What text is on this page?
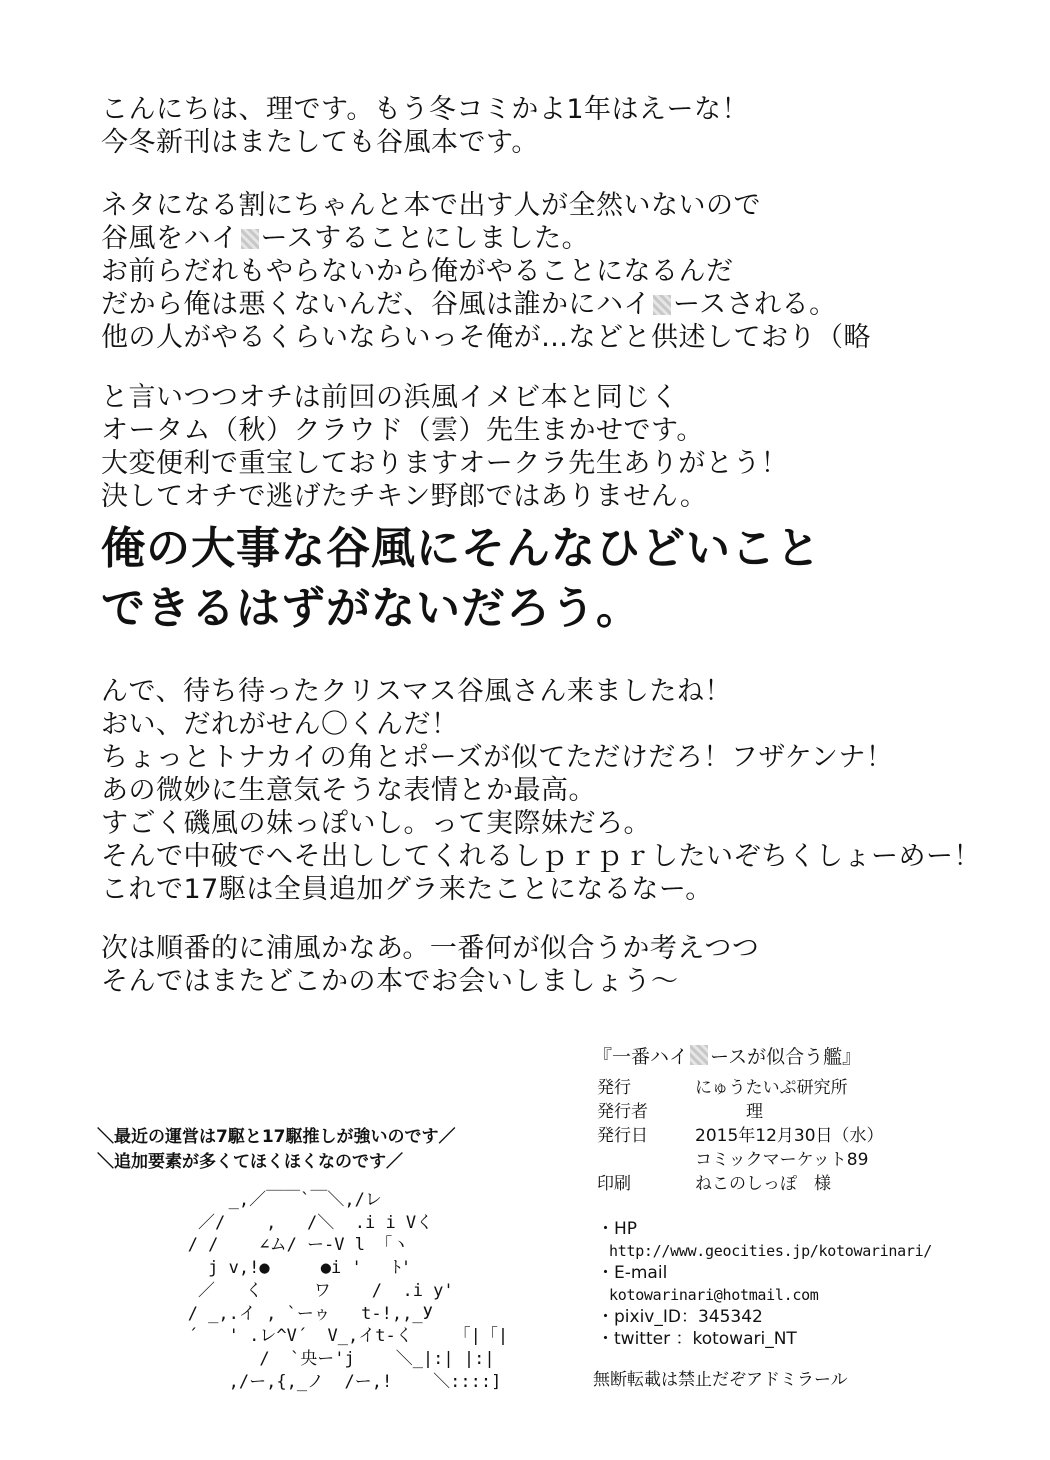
こんにちは、理です。もう冬コミかよ1年はえーな！
今冬新刊はまたしても谷風本です。
ネタになる割にちゃんと本で出す人が全然いないので
谷風をハイ ースすることにしました。
お前らだれもやらないから俺がやることになるんだ
だから俺は悪くないんだ、谷風は誰かにハイ ースされる。
他の人がやるくらいならいっそ俺が…などと供述しており（略
と言いつつオチは前回の浜風イメビ本と同じく
オータム（秋）クラウド（雲）先生まかせです。
大変便利で重宝しておりますオークラ先生ありがとう！
決してオチで逃げたチキン野郎ではありません。
俺の大事な谷風にそんなひどいこと
できるはずがないだろう。
んで、待ち待ったクリスマス谷風さん来ましたね！
おい、だれがせん〇くんだ！
ちょっとトナカイの角とポーズが似てただけだろ！フザケンナ！
あの微妙に生意気そうな表情とか最高。
すごく磯風の妹っぽいし。って実際妹だろ。
そんで中破でへそ出ししてくれるしｐｒｐｒしたいぞちくしょーめー！
これで17駆は全員追加グラ来たことになるなー。
次は順番的に浦風かなあ。一番何が似合うか考えつつ
そんではまたどこかの本でお会いしましょう～
＼最近の運営は7駆と17駆推しが強いのです／
＼追加要素が多くてほくほくなのです／
_,／￣￣`￣＼,/レ
／/    ,   /＼  .i i Vく
/ /    ∠ム/ ー-V l 「ヽ
j v,!●     ●i '   ﾄ'
／   く     ワ    /  .i y'
/ _,.イ , `ーゥ   t-!,,_У
´   ' .レ^V´  V_,イt-く    「|「|
/  `央ー'j    ＼_|:| |:|
,/ー,{,_ノ  /ー,!    ＼::::]
『一番ハイ ースが似合う艦』
発行	にゅうたいぷ研究所
発行者	　　　理
発行日	2015年12月30日（水）
	コミックマーケット89
印刷	ねこのしっぽ　様
・HP
http://www.geocities.jp/kotowarinari/
・E-mail
kotowarinari@hotmail.com
・pixiv_ID：345342
・twitter ：kotowari_NT
無断転載は禁止だぞアドミラール
